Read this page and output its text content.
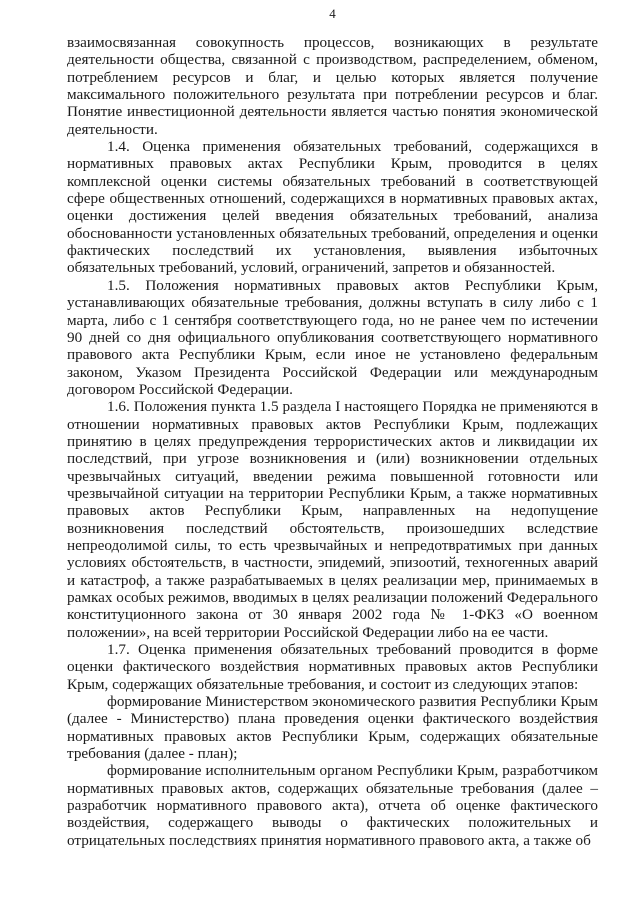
4

взаимосвязанная совокупность процессов, возникающих в результате деятельности общества, связанной с производством, распределением, обменом, потреблением ресурсов и благ, и целью которых является получение максимального положительного результата при потреблении ресурсов и благ. Понятие инвестиционной деятельности является частью понятия экономической деятельности.

1.4. Оценка применения обязательных требований, содержащихся в нормативных правовых актах Республики Крым, проводится в целях комплексной оценки системы обязательных требований в соответствующей сфере общественных отношений, содержащихся в нормативных правовых актах, оценки достижения целей введения обязательных требований, анализа обоснованности установленных обязательных требований, определения и оценки фактических последствий их установления, выявления избыточных обязательных требований, условий, ограничений, запретов и обязанностей.

1.5. Положения нормативных правовых актов Республики Крым, устанавливающих обязательные требования, должны вступать в силу либо с 1 марта, либо с 1 сентября соответствующего года, но не ранее чем по истечении 90 дней со дня официального опубликования соответствующего нормативного правового акта Республики Крым, если иное не установлено федеральным законом, Указом Президента Российской Федерации или международным договором Российской Федерации.

1.6. Положения пункта 1.5 раздела I настоящего Порядка не применяются в отношении нормативных правовых актов Республики Крым, подлежащих принятию в целях предупреждения террористических актов и ликвидации их последствий, при угрозе возникновения и (или) возникновении отдельных чрезвычайных ситуаций, введении режима повышенной готовности или чрезвычайной ситуации на территории Республики Крым, а также нормативных правовых актов Республики Крым, направленных на недопущение возникновения последствий обстоятельств, произошедших вследствие непреодолимой силы, то есть чрезвычайных и непредотвратимых при данных условиях обстоятельств, в частности, эпидемий, эпизоотий, техногенных аварий и катастроф, а также разрабатываемых в целях реализации мер, принимаемых в рамках особых режимов, вводимых в целях реализации положений Федерального конституционного закона от 30 января 2002 года № 1-ФКЗ «О военном положении», на всей территории Российской Федерации либо на ее части.

1.7. Оценка применения обязательных требований проводится в форме оценки фактического воздействия нормативных правовых актов Республики Крым, содержащих обязательные требования, и состоит из следующих этапов:

формирование Министерством экономического развития Республики Крым (далее - Министерство) плана проведения оценки фактического воздействия нормативных правовых актов Республики Крым, содержащих обязательные требования (далее - план);

формирование исполнительным органом Республики Крым, разработчиком нормативных правовых актов, содержащих обязательные требования (далее – разработчик нормативного правового акта), отчета об оценке фактического воздействия, содержащего выводы о фактических положительных и отрицательных последствиях принятия нормативного правового акта, а также об
